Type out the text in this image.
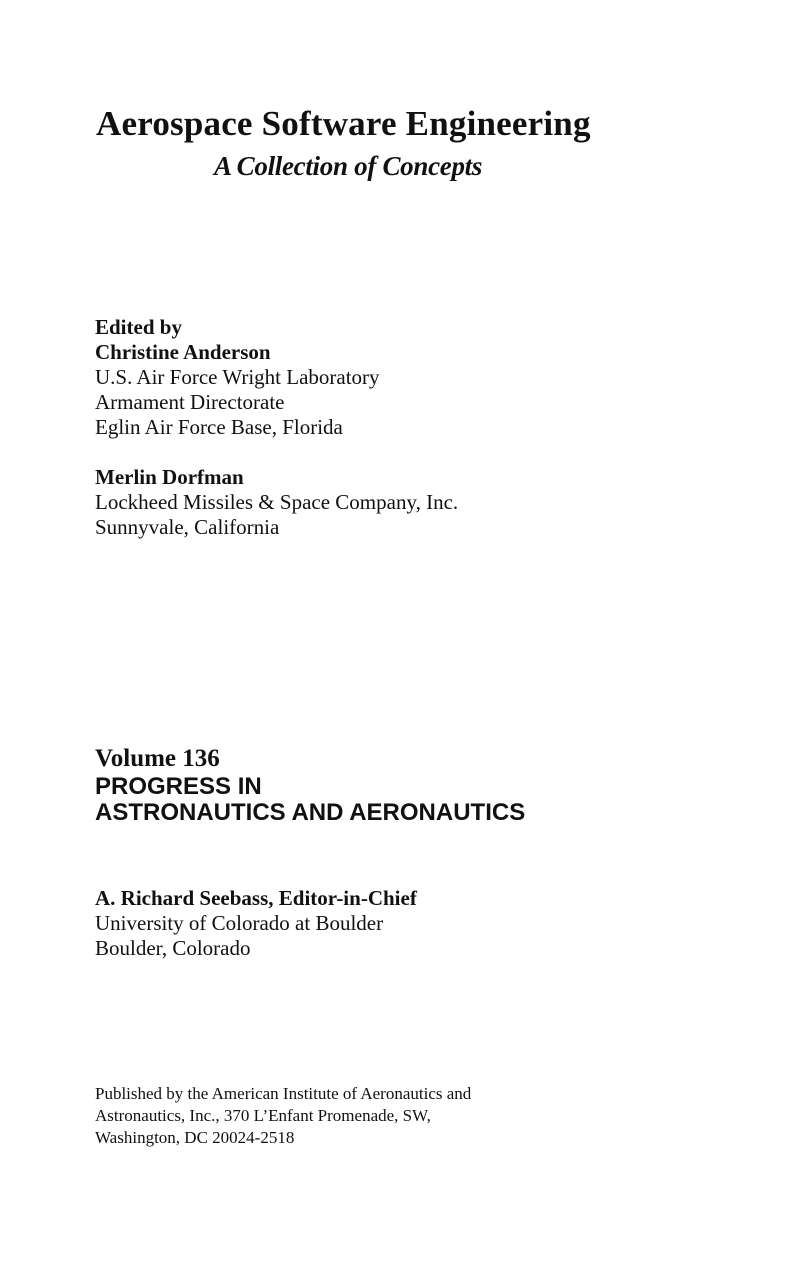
Aerospace Software Engineering
A Collection of Concepts
Edited by
Christine Anderson
U.S. Air Force Wright Laboratory
Armament Directorate
Eglin Air Force Base, Florida
Merlin Dorfman
Lockheed Missiles & Space Company, Inc.
Sunnyvale, California
Volume 136
PROGRESS IN
ASTRONAUTICS AND AERONAUTICS
A. Richard Seebass, Editor-in-Chief
University of Colorado at Boulder
Boulder, Colorado
Published by the American Institute of Aeronautics and
Astronautics, Inc., 370 L’Enfant Promenade, SW,
Washington, DC 20024-2518
